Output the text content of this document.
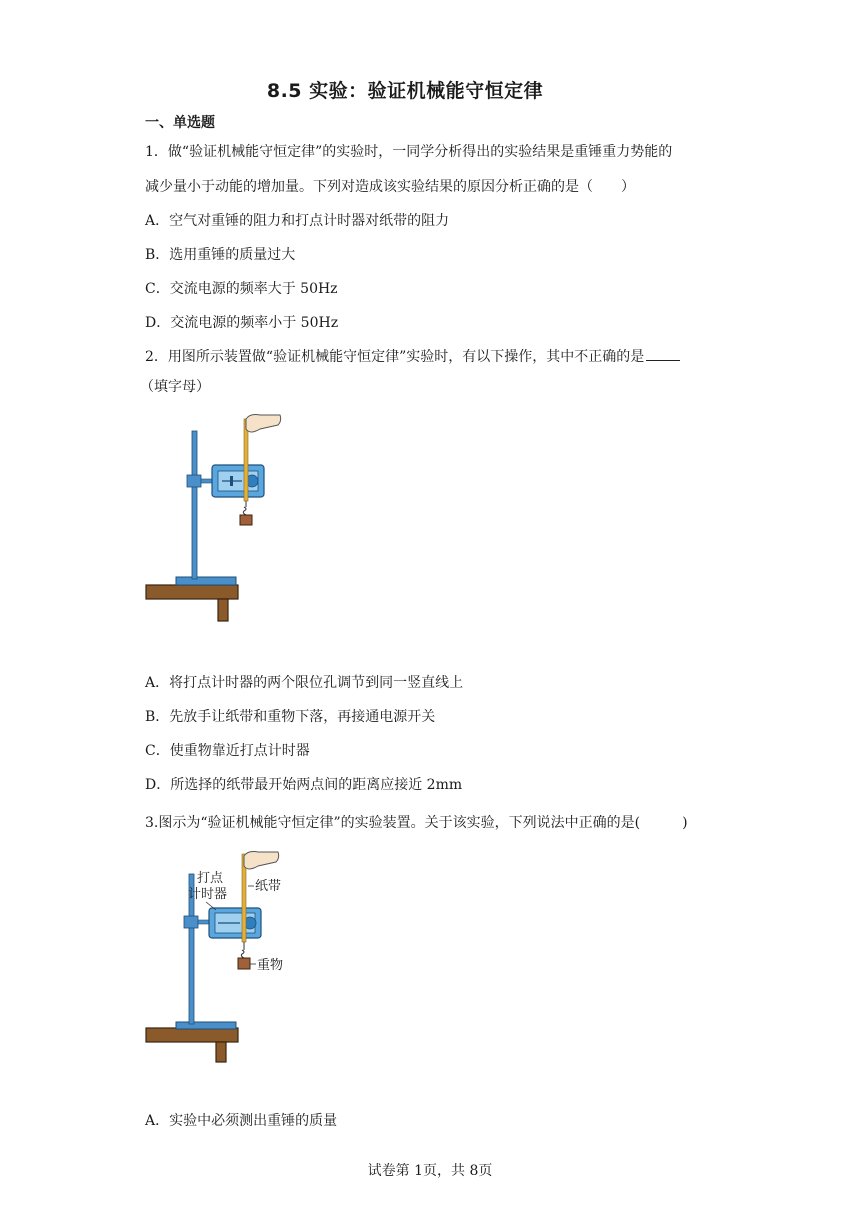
8.5 实验：验证机械能守恒定律
一、单选题
1．做“验证机械能守恒定律”的实验时，一同学分析得出的实验结果是重锤重力势能的
减少量小于动能的增加量。下列对造成该实验结果的原因分析正确的是（　　）
A．空气对重锤的阻力和打点计时器对纸带的阻力
B．选用重锤的质量过大
C．交流电源的频率大于 50Hz
D．交流电源的频率小于 50Hz
2．用图所示装置做“验证机械能守恒定律”实验时，有以下操作，其中不正确的是
（填字母）
A．将打点计时器的两个限位孔调节到同一竖直线上
B．先放手让纸带和重物下落，再接通电源开关
C．使重物靠近打点计时器
D．所选择的纸带最开始两点间的距离应接近 2mm
3.图示为“验证机械能守恒定律”的实验装置。关于该实验，下列说法中正确的是(　　　)
打点
计时器
纸带
重物
A．实验中必须测出重锤的质量
试卷第 1页，共 8页
